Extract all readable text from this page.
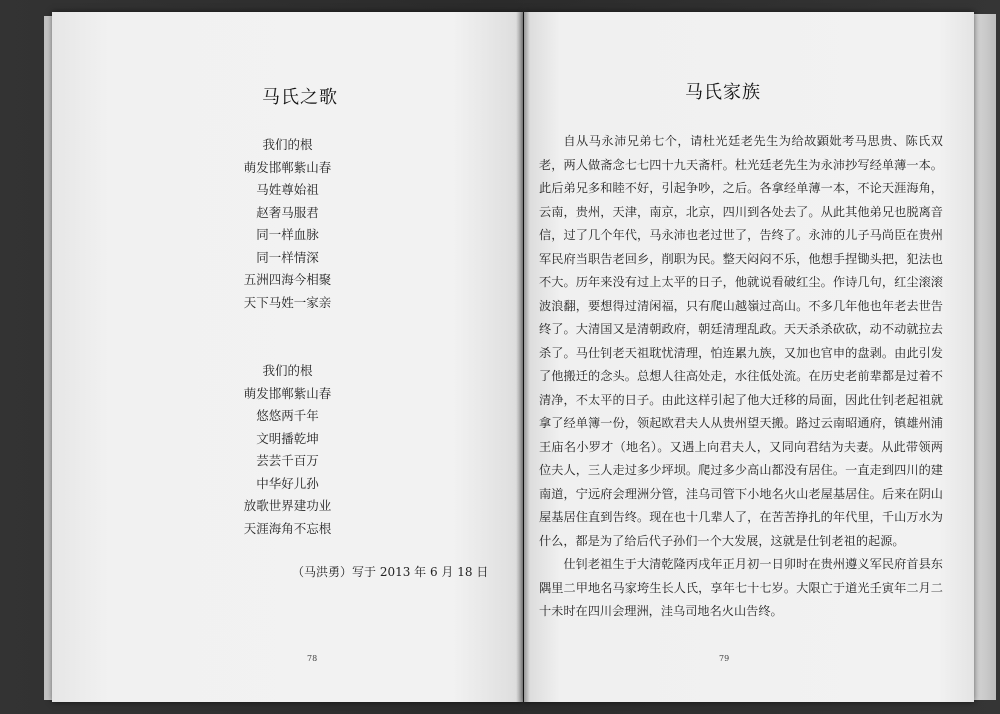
马氏之歌
我们的根
萌发邯郸紫山春
马姓尊始祖
赵奢马服君
同一样血脉
同一样情深
五洲四海今相聚
天下马姓一家亲
我们的根
萌发邯郸紫山春
悠悠两千年
文明播乾坤
芸芸千百万
中华好儿孙
放歌世界建功业
天涯海角不忘根
（马洪勇）写于 2013 年 6 月 18 日
78
马氏家族

自从马永沛兄弟七个，请杜光廷老先生为给故顕妣考马思贵、陈氏双老，两人做斋念七七四十九天斋杆。杜光廷老先生为永沛抄写经单薄一本。此后弟兄多和睦不好，引起争吵，之后。各拿经单薄一本，不论天涯海角，云南，贵州，天津，南京，北京，四川到各处去了。从此其他弟兄也脱离音信，过了几个年代，马永沛也老过世了，告终了。永沛的儿子马尚臣在贵州军民府当职告老回乡，削职为民。整天闷闷不乐，他想手捏锄头把，犯法也不大。历年来没有过上太平的日子，他就说看破红尘。作诗几句，红尘滚滚波浪翻，要想得过清闲福，只有爬山越嶺过高山。不多几年他也年老去世告终了。大清国又是清朝政府，朝廷清理乱政。天天杀杀砍砍，动不动就拉去杀了。马仕钊老天祖耽忧清理，怕连累九族，又加也官申的盘剥。由此引发了他搬迁的念头。总想人往高处走，水往低处流。在历史老前辈都是过着不清净，不太平的日子。由此这样引起了他大迁移的局面，因此仕钊老起祖就拿了经单簿一份，领起欧君夫人从贵州望天搬。路过云南昭通府，镇雄州浦王庙名小罗才（地名）。又遇上向君夫人，又同向君结为夫妻。从此带领两位夫人，三人走过多少坪坝。爬过多少高山都没有居住。一直走到四川的建南道，宁远府会理洲分管，洼乌司管下小地名火山老屋基居住。后来在阴山屋基居住直到告终。现在也十几辈人了，在苦苦挣扎的年代里，千山万水为什么，都是为了给后代子孙们一个大发展，这就是仕钊老祖的起源。

仕钊老祖生于大清乾隆丙戌年正月初一日卯时在贵州遵义军民府首县东隅里二甲地名马家垮生长人氏，享年七十七岁。大限亡于道光壬寅年二月二十未时在四川会理洲，洼乌司地名火山告终。

79
